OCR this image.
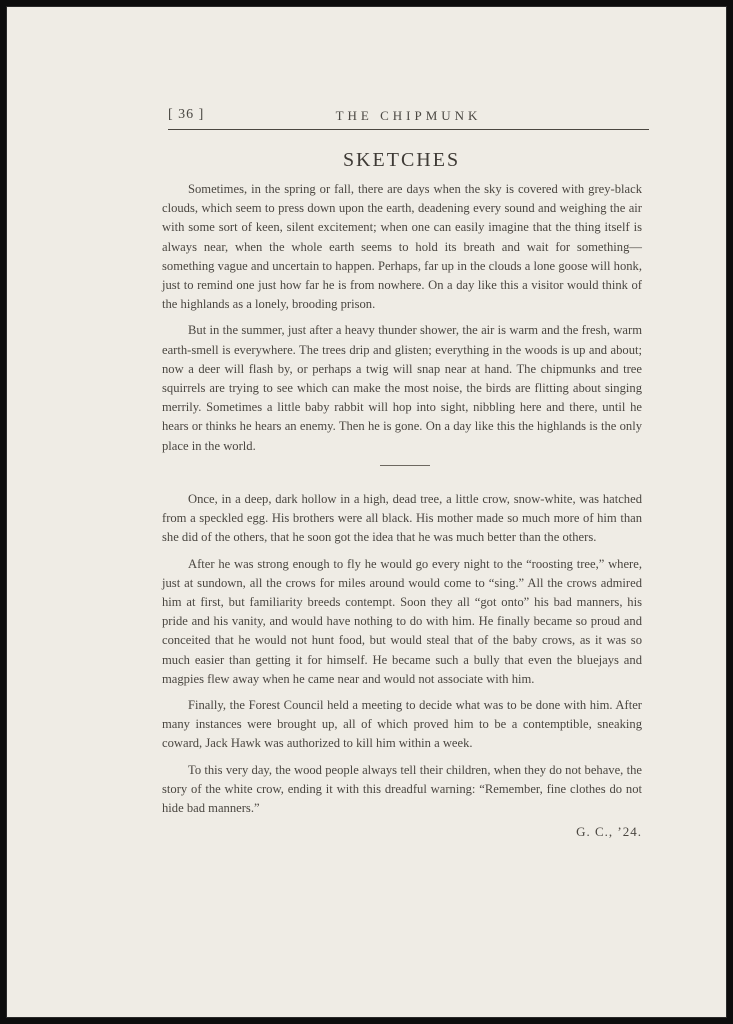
[ 36 ]	THE CHIPMUNK
SKETCHES

Sometimes, in the spring or fall, there are days when the sky is covered with grey-black clouds, which seem to press down upon the earth, deadening every sound and weighing the air with some sort of keen, silent excitement; when one can easily imagine that the thing itself is always near, when the whole earth seems to hold its breath and wait for something—something vague and uncertain to happen. Perhaps, far up in the clouds a lone goose will honk, just to remind one just how far he is from nowhere. On a day like this a visitor would think of the highlands as a lonely, brooding prison.

But in the summer, just after a heavy thunder shower, the air is warm and the fresh, warm earth-smell is everywhere. The trees drip and glisten; everything in the woods is up and about; now a deer will flash by, or perhaps a twig will snap near at hand. The chipmunks and tree squirrels are trying to see which can make the most noise, the birds are flitting about singing merrily. Sometimes a little baby rabbit will hop into sight, nibbling here and there, until he hears or thinks he hears an enemy. Then he is gone. On a day like this the highlands is the only place in the world.

Once, in a deep, dark hollow in a high, dead tree, a little crow, snow-white, was hatched from a speckled egg. His brothers were all black. His mother made so much more of him than she did of the others, that he soon got the idea that he was much better than the others.

After he was strong enough to fly he would go every night to the “roosting tree,” where, just at sundown, all the crows for miles around would come to “sing.” All the crows admired him at first, but familiarity breeds contempt. Soon they all “got onto” his bad manners, his pride and his vanity, and would have nothing to do with him. He finally became so proud and conceited that he would not hunt food, but would steal that of the baby crows, as it was so much easier than getting it for himself. He became such a bully that even the bluejays and magpies flew away when he came near and would not associate with him.

Finally, the Forest Council held a meeting to decide what was to be done with him. After many instances were brought up, all of which proved him to be a contemptible, sneaking coward, Jack Hawk was authorized to kill him within a week.

To this very day, the wood people always tell their children, when they do not behave, the story of the white crow, ending it with this dreadful warning: “Remember, fine clothes do not hide bad manners.”

G. C., ’24.
